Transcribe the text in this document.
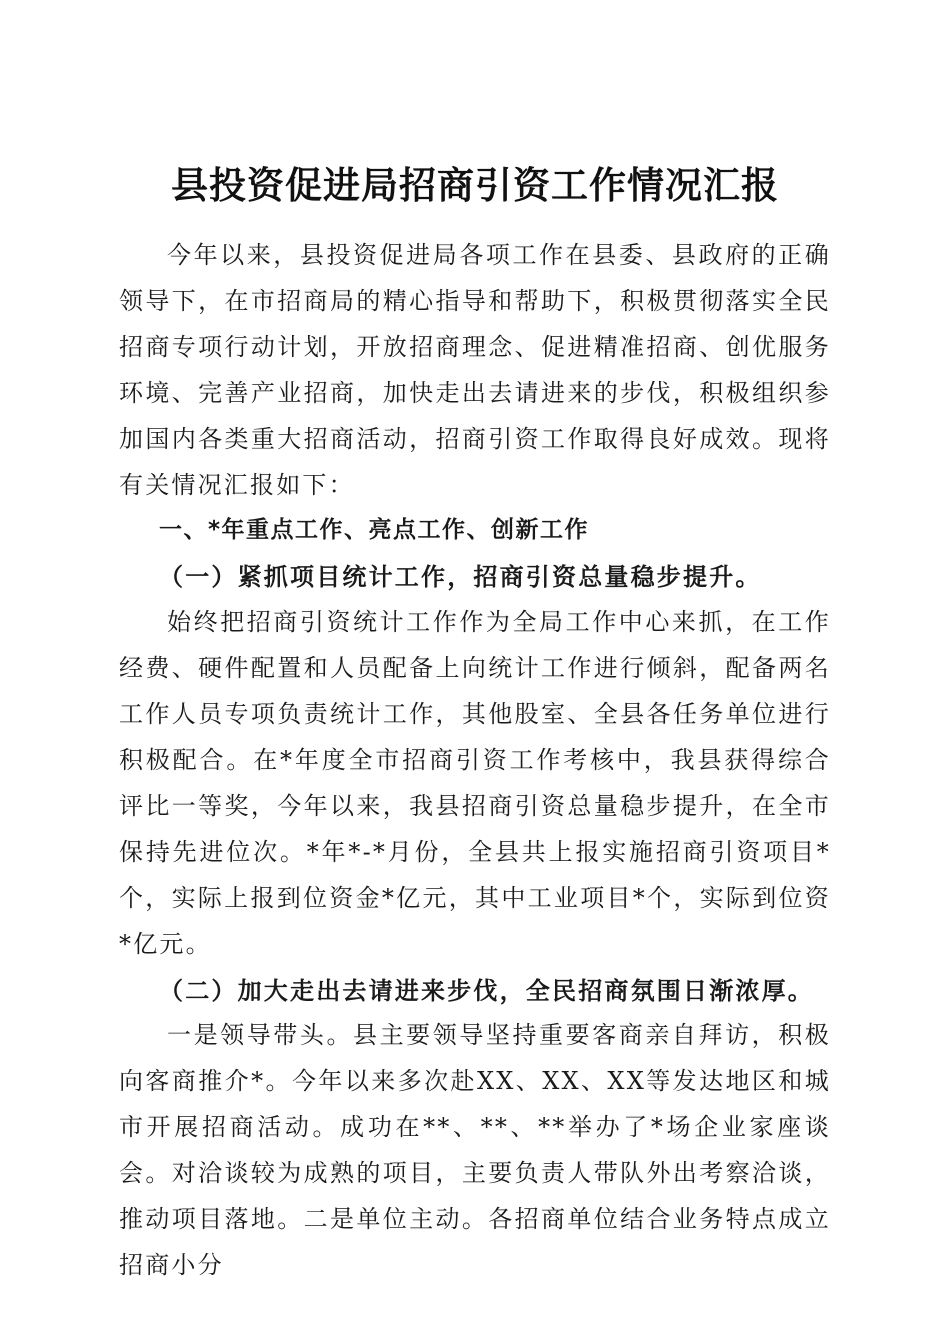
县投资促进局招商引资工作情况汇报

今年以来，县投资促进局各项工作在县委、县政府的正确领导下，在市招商局的精心指导和帮助下，积极贯彻落实全民招商专项行动计划，开放招商理念、促进精准招商、创优服务环境、完善产业招商，加快走出去请进来的步伐，积极组织参加国内各类重大招商活动，招商引资工作取得良好成效。现将有关情况汇报如下：

一、*年重点工作、亮点工作、创新工作

（一）紧抓项目统计工作，招商引资总量稳步提升。

始终把招商引资统计工作作为全局工作中心来抓，在工作经费、硬件配置和人员配备上向统计工作进行倾斜，配备两名工作人员专项负责统计工作，其他股室、全县各任务单位进行积极配合。在*年度全市招商引资工作考核中，我县获得综合评比一等奖，今年以来，我县招商引资总量稳步提升，在全市保持先进位次。*年*-*月份，全县共上报实施招商引资项目*个，实际上报到位资金*亿元，其中工业项目*个，实际到位资*亿元。

（二）加大走出去请进来步伐，全民招商氛围日渐浓厚。

一是领导带头。县主要领导坚持重要客商亲自拜访，积极向客商推介*。今年以来多次赴XX、XX、XX等发达地区和城市开展招商活动。成功在**、**、**举办了*场企业家座谈会。对洽谈较为成熟的项目，主要负责人带队外出考察洽谈，推动项目落地。二是单位主动。各招商单位结合业务特点成立招商小分
